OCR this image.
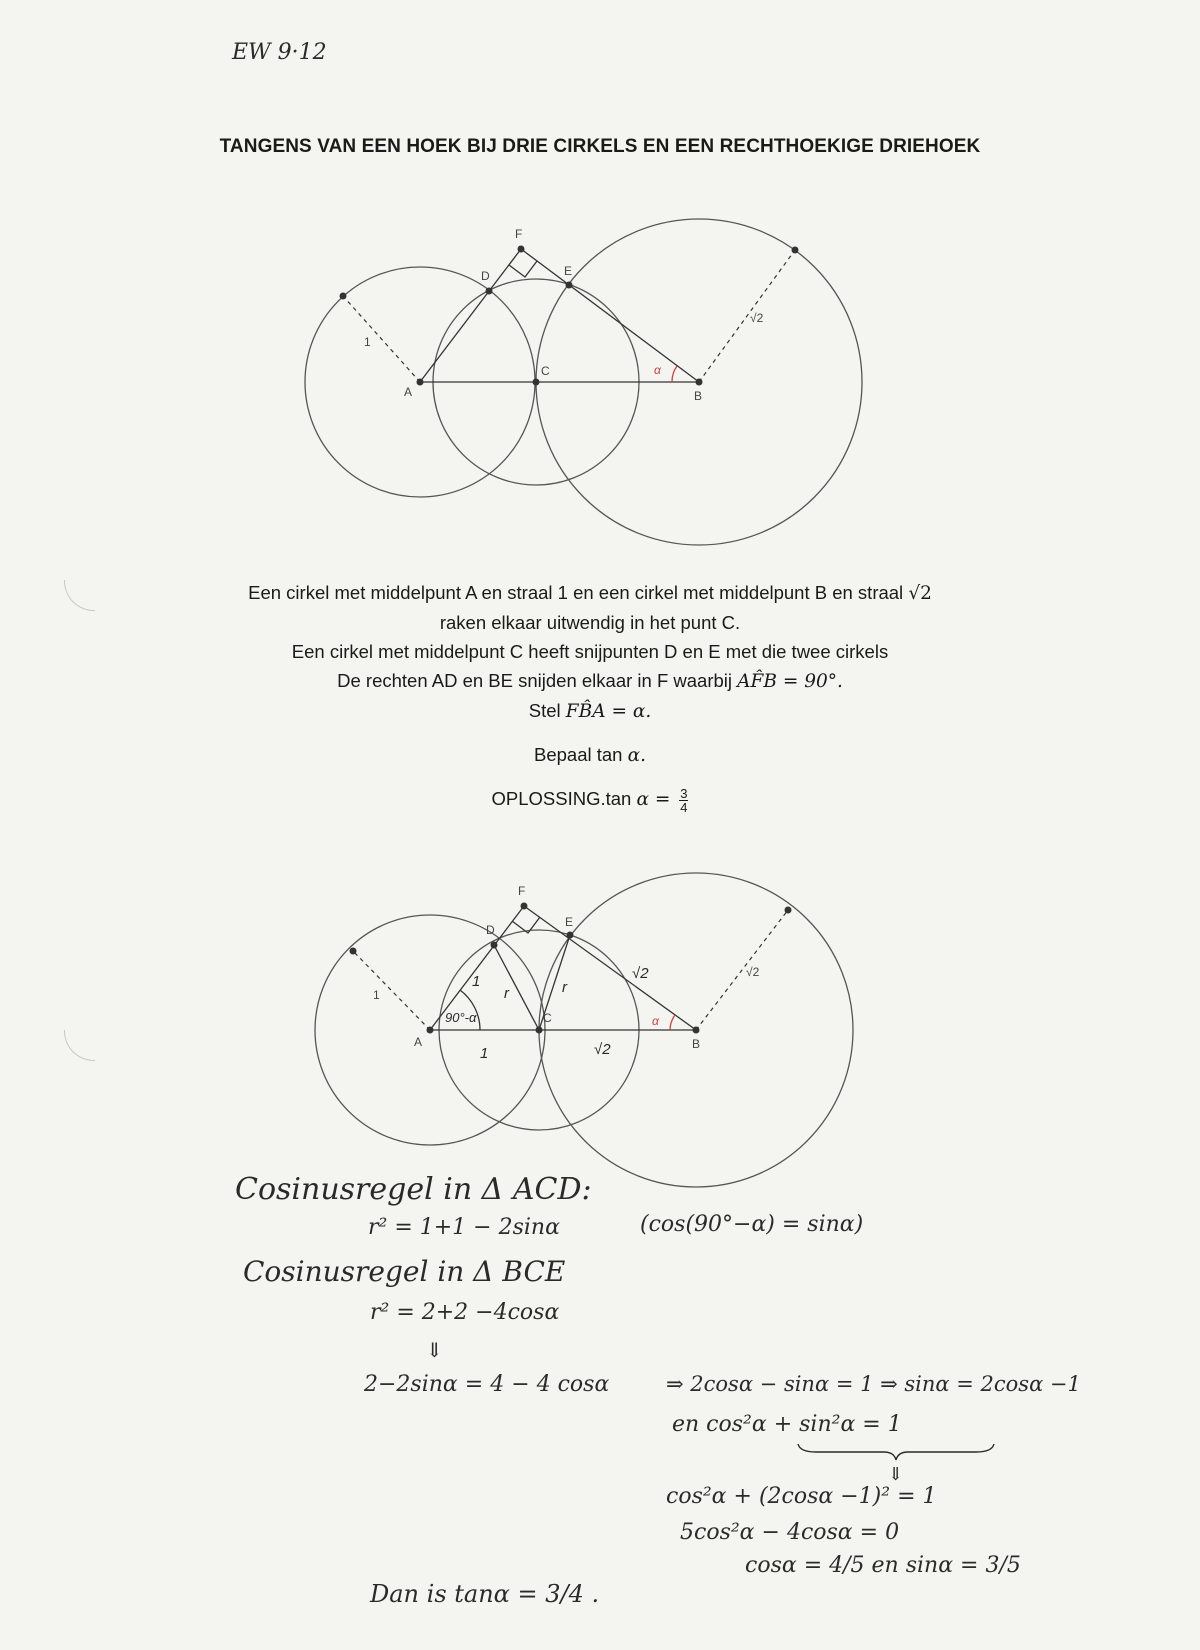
EW 9·12
TANGENS VAN EEN HOEK BIJ DRIE CIRKELS EN EEN RECHTHOEKIGE DRIEHOEK
A	B
C
D	E
F
1
√2
α
Een cirkel met middelpunt A en straal 1 en een cirkel met middelpunt B en straal √2
raken elkaar uitwendig in het punt C.
Een cirkel met middelpunt C heeft snijpunten D en E met die twee cirkels
De rechten AD en BE snijden elkaar in F waarbij AF̂B = 90°.
Stel FB̂A = α.
Bepaal tan α.
OPLOSSING.tan $\alpha = \frac{3}{4}$
A	B
C
D
E
F
1
√2
α
90°-α
1
1
r	r
√2
√2
Cosinusregel in Δ ACD:
r² = 1+1 − 2sinα	(cos(90°−α) = sinα)
Cosinusregel in Δ BCE
r² = 2+2 −4cosα
⇓
2−2sinα = 4 − 4 cosα	⇒ 2cosα − sinα = 1 ⇒ sinα = 2cosα −1
en cos²α + sin²α = 1
⇓
cos²α + (2cosα −1)² = 1
5cos²α − 4cosα = 0
cosα = 4/5 en sinα = 3/5
Dan is tanα = 3/4 .
